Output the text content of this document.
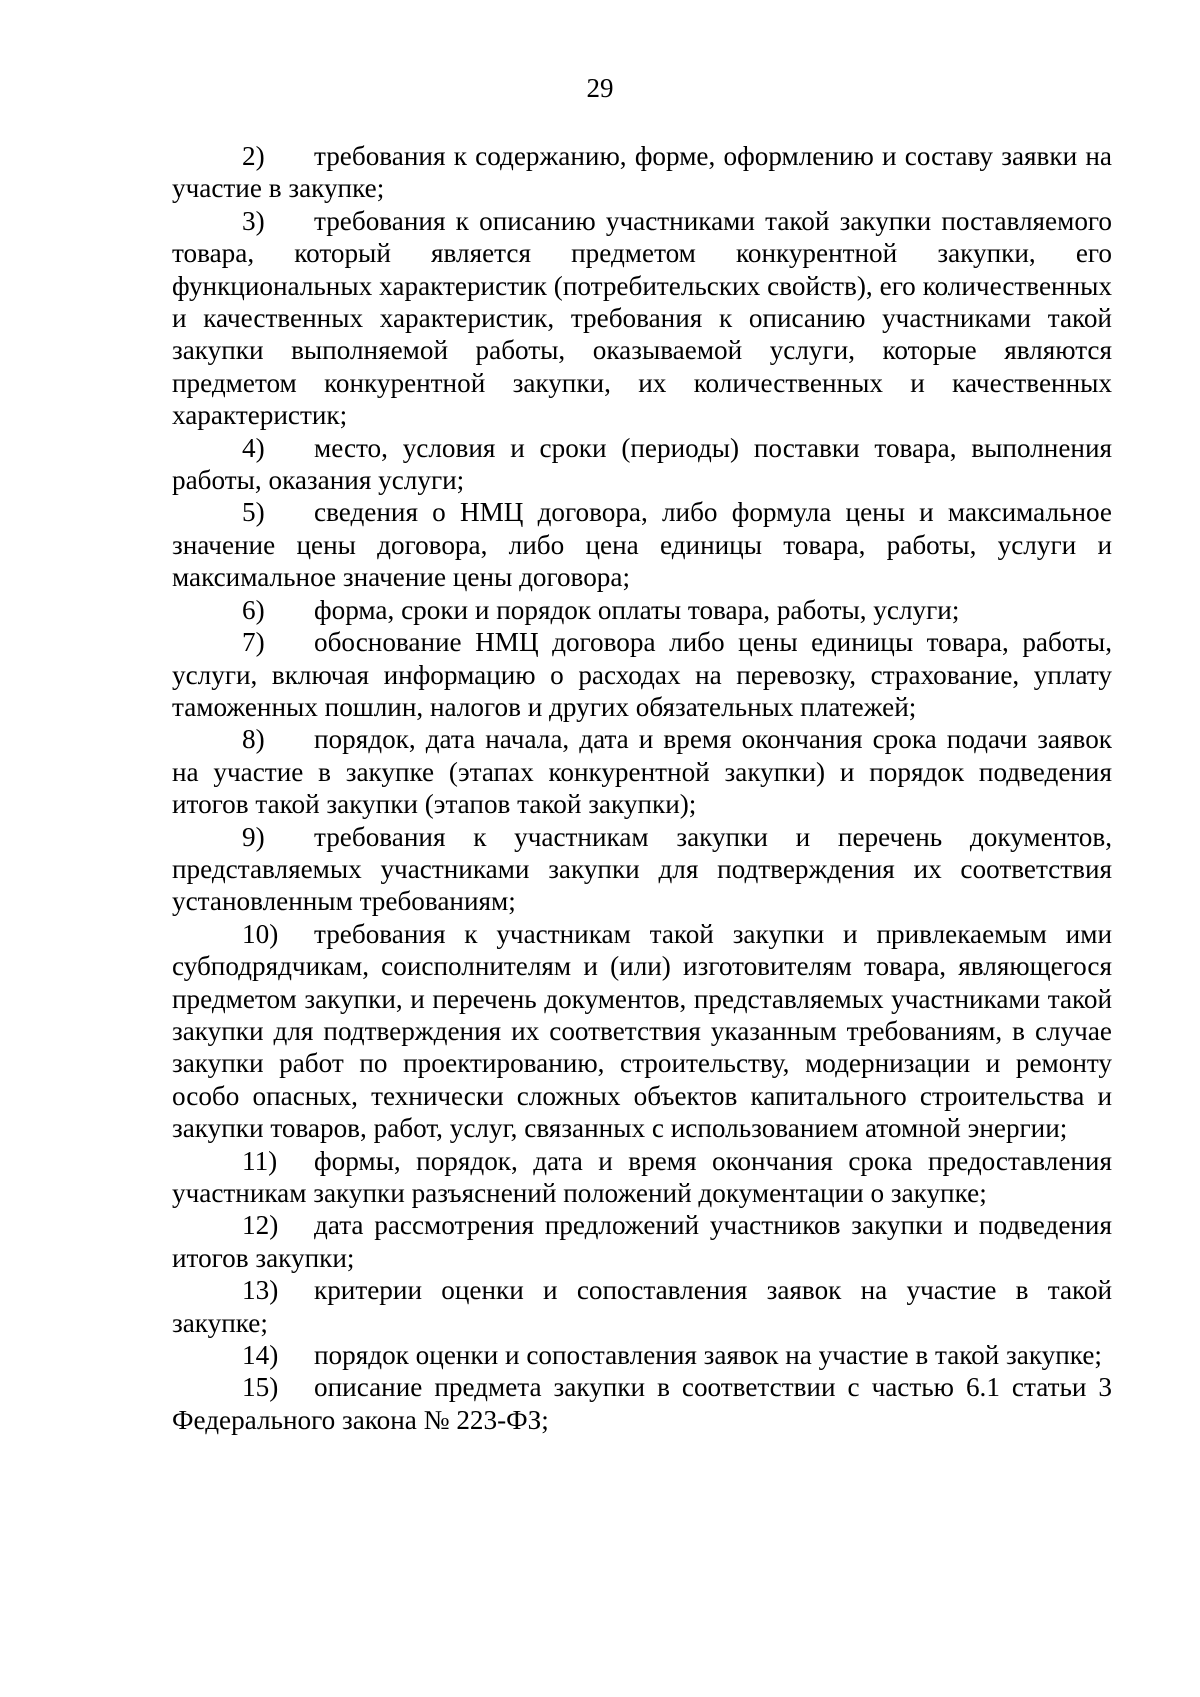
29

2) требования к содержанию, форме, оформлению и составу заявки на участие в закупке;

3) требования к описанию участниками такой закупки поставляемого товара, который является предметом конкурентной закупки, его функциональных характеристик (потребительских свойств), его количественных и качественных характеристик, требования к описанию участниками такой закупки выполняемой работы, оказываемой услуги, которые являются предметом конкурентной закупки, их количественных и качественных характеристик;

4) место, условия и сроки (периоды) поставки товара, выполнения работы, оказания услуги;

5) сведения о НМЦ договора, либо формула цены и максимальное значение цены договора, либо цена единицы товара, работы, услуги и максимальное значение цены договора;

6) форма, сроки и порядок оплаты товара, работы, услуги;

7) обоснование НМЦ договора либо цены единицы товара, работы, услуги, включая информацию о расходах на перевозку, страхование, уплату таможенных пошлин, налогов и других обязательных платежей;

8) порядок, дата начала, дата и время окончания срока подачи заявок на участие в закупке (этапах конкурентной закупки) и порядок подведения итогов такой закупки (этапов такой закупки);

9) требования к участникам закупки и перечень документов, представляемых участниками закупки для подтверждения их соответствия установленным требованиям;

10) требования к участникам такой закупки и привлекаемым ими субподрядчикам, соисполнителям и (или) изготовителям товара, являющегося предметом закупки, и перечень документов, представляемых участниками такой закупки для подтверждения их соответствия указанным требованиям, в случае закупки работ по проектированию, строительству, модернизации и ремонту особо опасных, технически сложных объектов капитального строительства и закупки товаров, работ, услуг, связанных с использованием атомной энергии;

11) формы, порядок, дата и время окончания срока предоставления участникам закупки разъяснений положений документации о закупке;

12) дата рассмотрения предложений участников закупки и подведения итогов закупки;

13) критерии оценки и сопоставления заявок на участие в такой закупке;

14) порядок оценки и сопоставления заявок на участие в такой закупке;

15) описание предмета закупки в соответствии с частью 6.1 статьи 3 Федерального закона № 223-ФЗ;
